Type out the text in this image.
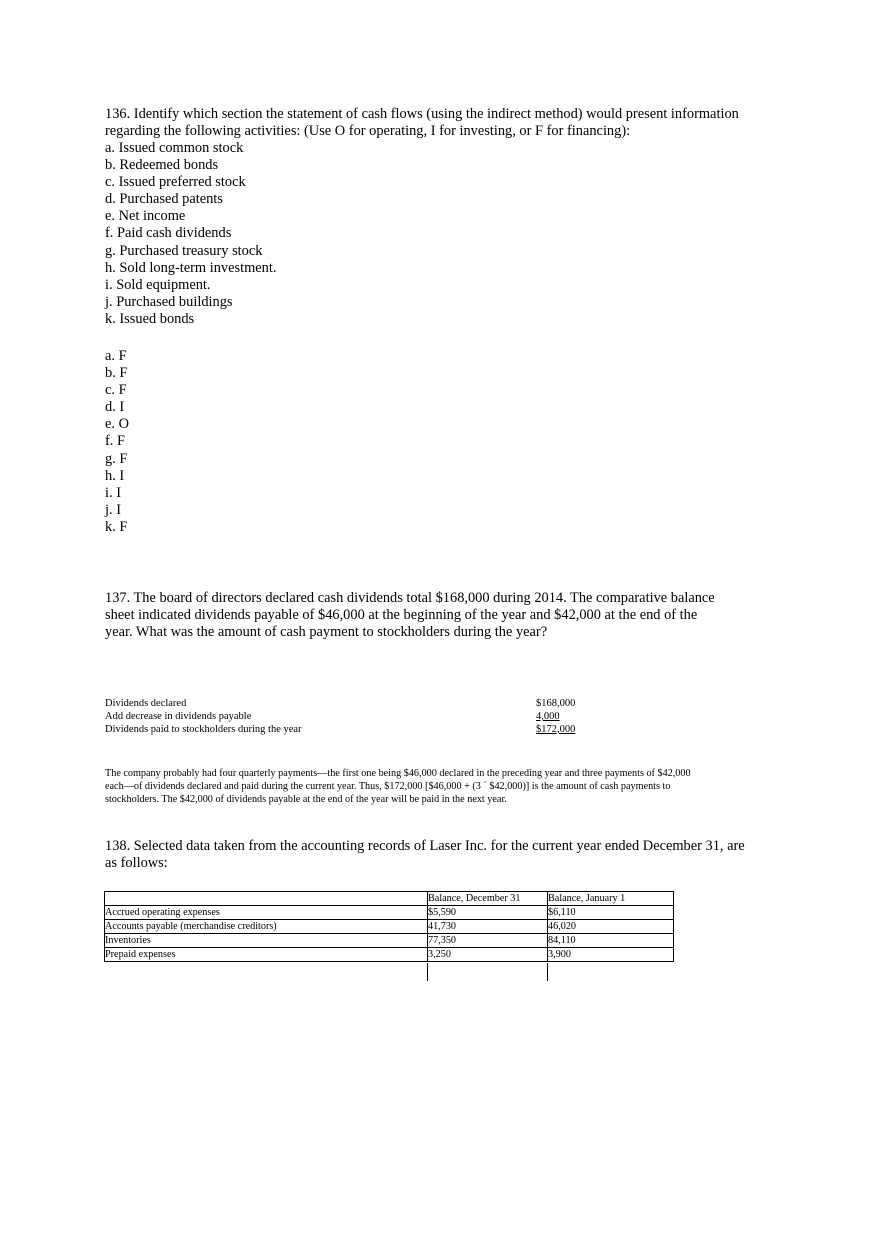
136. Identify which section the statement of cash flows (using the indirect method) would present information

regarding the following activities: (Use O for operating, I for investing, or F for financing):

a. Issued common stock
b. Redeemed bonds
c. Issued preferred stock
d. Purchased patents
e. Net income
f. Paid cash dividends
g. Purchased treasury stock
h. Sold long-term investment.
i. Sold equipment.
j. Purchased buildings
k. Issued bonds
a. F
b. F
c. F
d. I
e. O
f. F
g. F
h. I
i. I
j. I
k. F

137. The board of directors declared cash dividends total $168,000 during 2014. The comparative balance

sheet indicated dividends payable of $46,000 at the beginning of the year and $42,000 at the end of the

year. What was the amount of cash payment to stockholders during the year?

Dividends declared	$168,000
Add decrease in dividends payable	4,000
Dividends paid to stockholders during the year	$172,000

The company probably had four quarterly payments—the first one being $46,000 declared in the preceding year and three payments of $42,000

each—of dividends declared and paid during the current year. Thus, $172,000 [$46,000 + (3 ´ $42,000)] is the amount of cash payments to

stockholders. The $42,000 of dividends payable at the end of the year will be paid in the next year.

138. Selected data taken from the accounting records of Laser Inc. for the current year ended December 31, are

as follows:

	Balance, December 31	Balance, January 1
Accrued operating expenses	$5,590	$6,110
Accounts payable (merchandise creditors)	41,730	46,020
Inventories	77,350	84,110
Prepaid expenses	3,250	3,900
